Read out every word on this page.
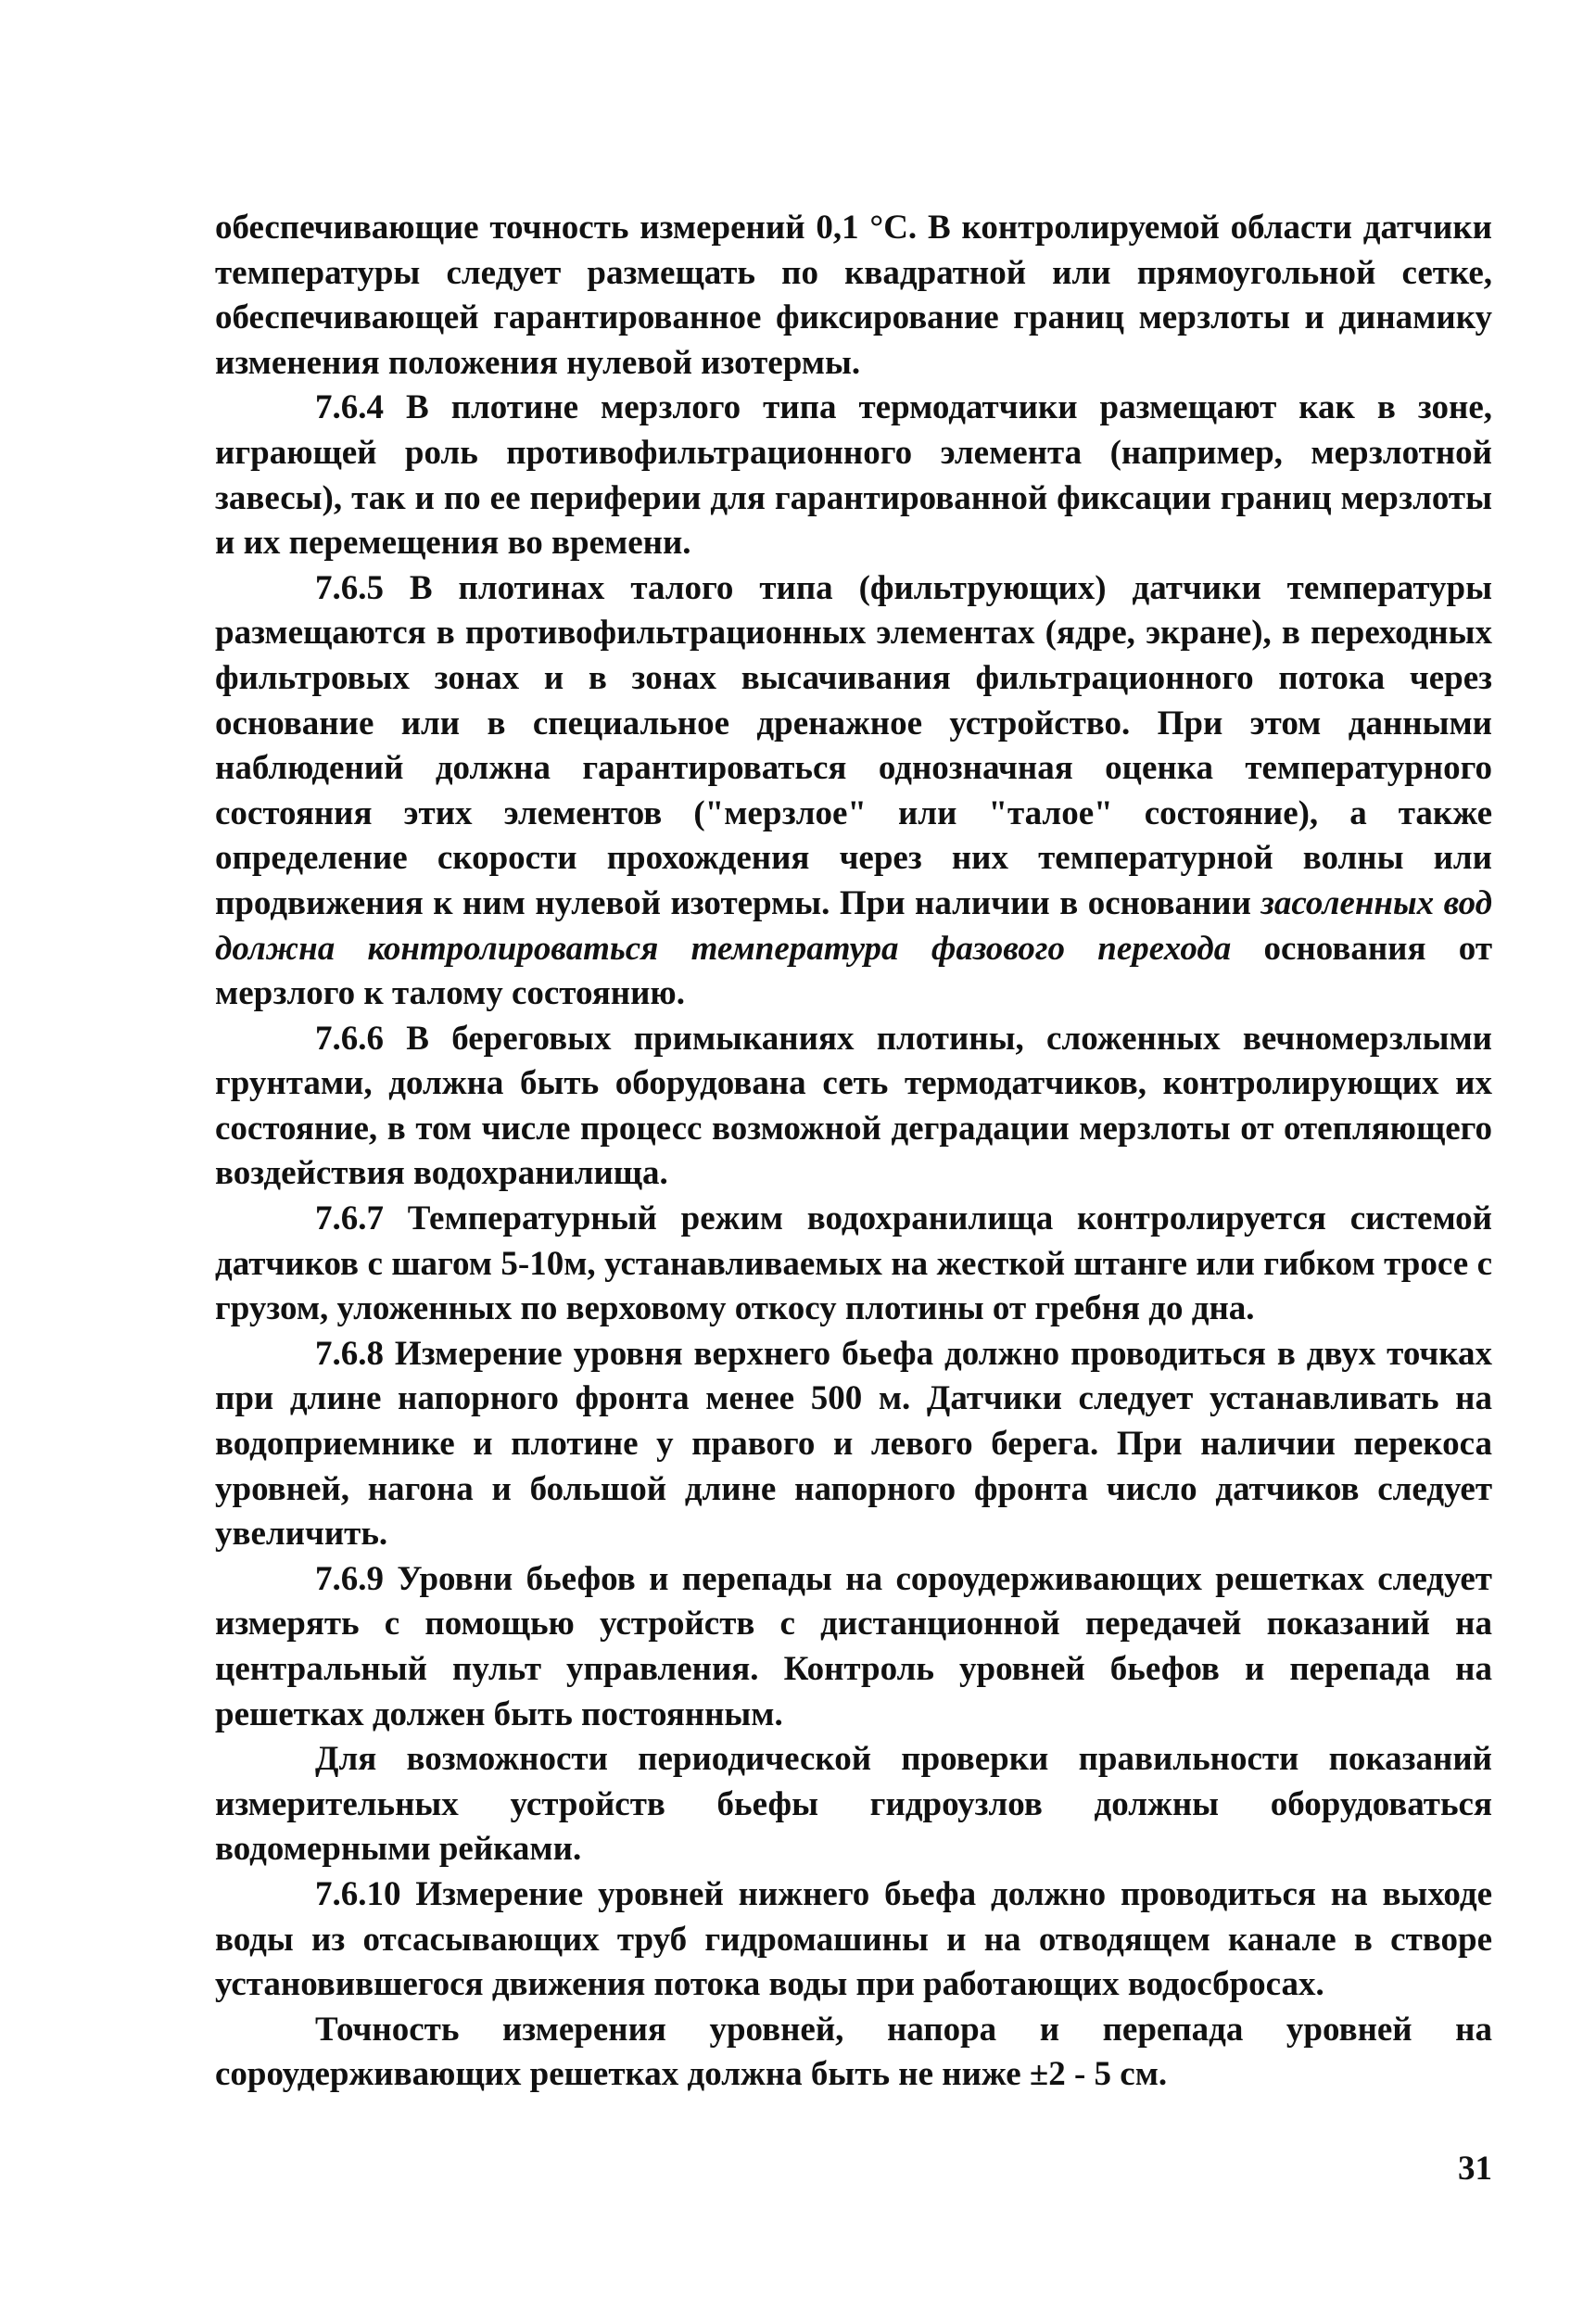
обеспечивающие точность измерений 0,1 °С. В контролируемой области датчики температуры следует размещать по квадратной или прямоугольной сетке, обеспечивающей гарантированное фиксирование границ мерзлоты и динамику изменения положения нулевой изотермы.

7.6.4 В плотине мерзлого типа термодатчики размещают как в зоне, играющей роль противофильтрационного элемента (например, мерзлотной завесы), так и по ее периферии для гарантированной фиксации границ мерзлоты и их перемещения во времени.

7.6.5 В плотинах талого типа (фильтрующих) датчики температуры размещаются в противофильтрационных элементах (ядре, экране), в переходных фильтровых зонах и в зонах высачивания фильтрационного потока через основание или в специальное дренажное устройство. При этом данными наблюдений должна гарантироваться однозначная оценка температурного состояния этих элементов ("мерзлое" или "талое" состояние), а также определение скорости прохождения через них температурной волны или продвижения к ним нулевой изотермы. При наличии в основании засоленных вод должна контролироваться температура фазового перехода основания от мерзлого к талому состоянию.

7.6.6 В береговых примыканиях плотины, сложенных вечномерзлыми грунтами, должна быть оборудована сеть термодатчиков, контролирующих их состояние, в том числе процесс возможной деградации мерзлоты от отепляющего воздействия водохранилища.

7.6.7 Температурный режим водохранилища контролируется системой датчиков с шагом 5-10м, устанавливаемых на жесткой штанге или гибком тросе с грузом, уложенных по верховому откосу плотины от гребня до дна.

7.6.8 Измерение уровня верхнего бьефа должно проводиться в двух точках при длине напорного фронта менее 500 м. Датчики следует устанавливать на водоприемнике и плотине у правого и левого берега. При наличии перекоса уровней, нагона и большой длине напорного фронта число датчиков следует увеличить.

7.6.9 Уровни бьефов и перепады на сороудерживающих решетках следует измерять с помощью устройств с дистанционной передачей показаний на центральный пульт управления. Контроль уровней бьефов и перепада на решетках должен быть постоянным.

Для возможности периодической проверки правильности показаний измерительных устройств бьефы гидроузлов должны оборудоваться водомерными рейками.

7.6.10 Измерение уровней нижнего бьефа должно проводиться на выходе воды из отсасывающих труб гидромашины и на отводящем канале в створе установившегося движения потока воды при работающих водосбросах.

Точность измерения уровней, напора и перепада уровней на сороудерживающих решетках должна быть не ниже ±2 - 5 см.

31
